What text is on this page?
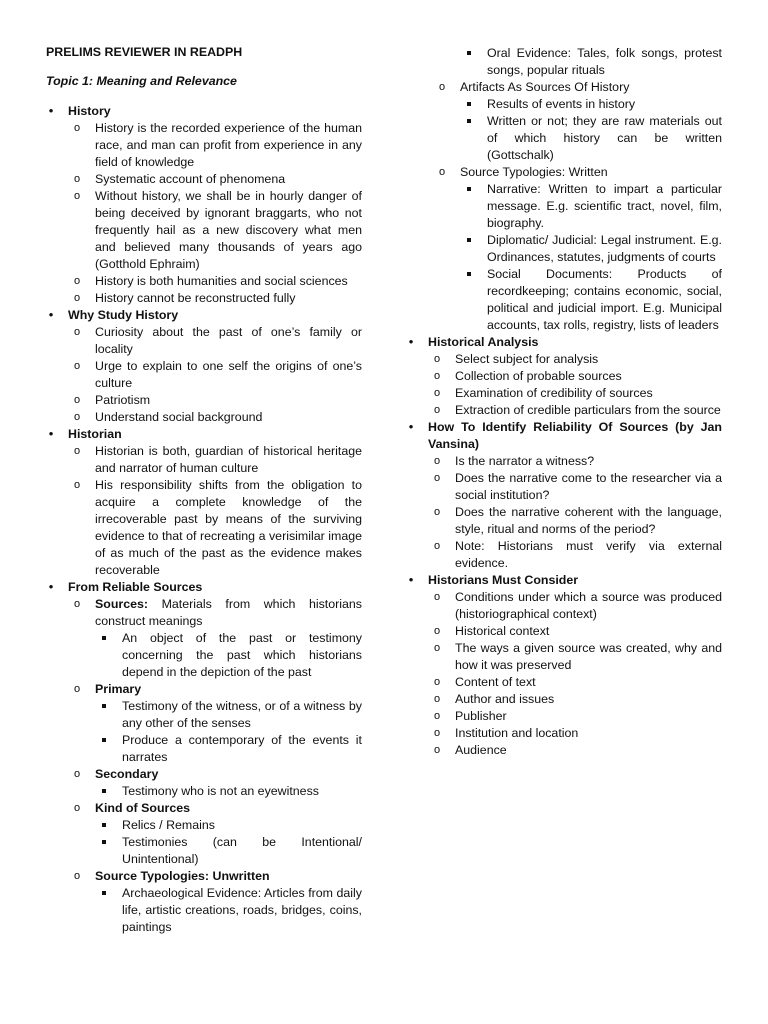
PRELIMS REVIEWER IN READPH
Topic 1: Meaning and Relevance
• History
o History is the recorded experience of the human race, and man can profit from experience in any field of knowledge
o Systematic account of phenomena
o Without history, we shall be in hourly danger of being deceived by ignorant braggarts, who not frequently hail as a new discovery what men and believed many thousands of years ago (Gotthold Ephraim)
o History is both humanities and social sciences
o History cannot be reconstructed fully
• Why Study History
o Curiosity about the past of one’s family or locality
o Urge to explain to one self the origins of one’s culture
o Patriotism
o Understand social background
• Historian
o Historian is both, guardian of historical heritage and narrator of human culture
o His responsibility shifts from the obligation to acquire a complete knowledge of the irrecoverable past by means of the surviving evidence to that of recreating a verisimilar image of as much of the past as the evidence makes recoverable
• From Reliable Sources
o Sources: Materials from which historians construct meanings
An object of the past or testimony concerning the past which historians depend in the depiction of the past
o Primary
Testimony of the witness, or of a witness by any other of the senses
Produce a contemporary of the events it narrates
o Secondary
Testimony who is not an eyewitness
o Kind of Sources
Relics / Remains
Testimonies (can be Intentional/ Unintentional)
o Source Typologies: Unwritten
Archaeological Evidence: Articles from daily life, artistic creations, roads, bridges, coins, paintings
Oral Evidence: Tales, folk songs, protest songs, popular rituals
o Artifacts As Sources Of History
Results of events in history
Written or not; they are raw materials out of which history can be written (Gottschalk)
o Source Typologies: Written
Narrative: Written to impart a particular message. E.g. scientific tract, novel, film, biography.
Diplomatic/ Judicial: Legal instrument. E.g. Ordinances, statutes, judgments of courts
Social Documents: Products of recordkeeping; contains economic, social, political and judicial import. E.g. Municipal accounts, tax rolls, registry, lists of leaders
• Historical Analysis
o Select subject for analysis
o Collection of probable sources
o Examination of credibility of sources
o Extraction of credible particulars from the source
• How To Identify Reliability Of Sources (by Jan Vansina)
o Is the narrator a witness?
o Does the narrative come to the researcher via a social institution?
o Does the narrative coherent with the language, style, ritual and norms of the period?
o Note: Historians must verify via external evidence.
• Historians Must Consider
o Conditions under which a source was produced (historiographical context)
o Historical context
o The ways a given source was created, why and how it was preserved
o Content of text
o Author and issues
o Publisher
o Institution and location
o Audience
